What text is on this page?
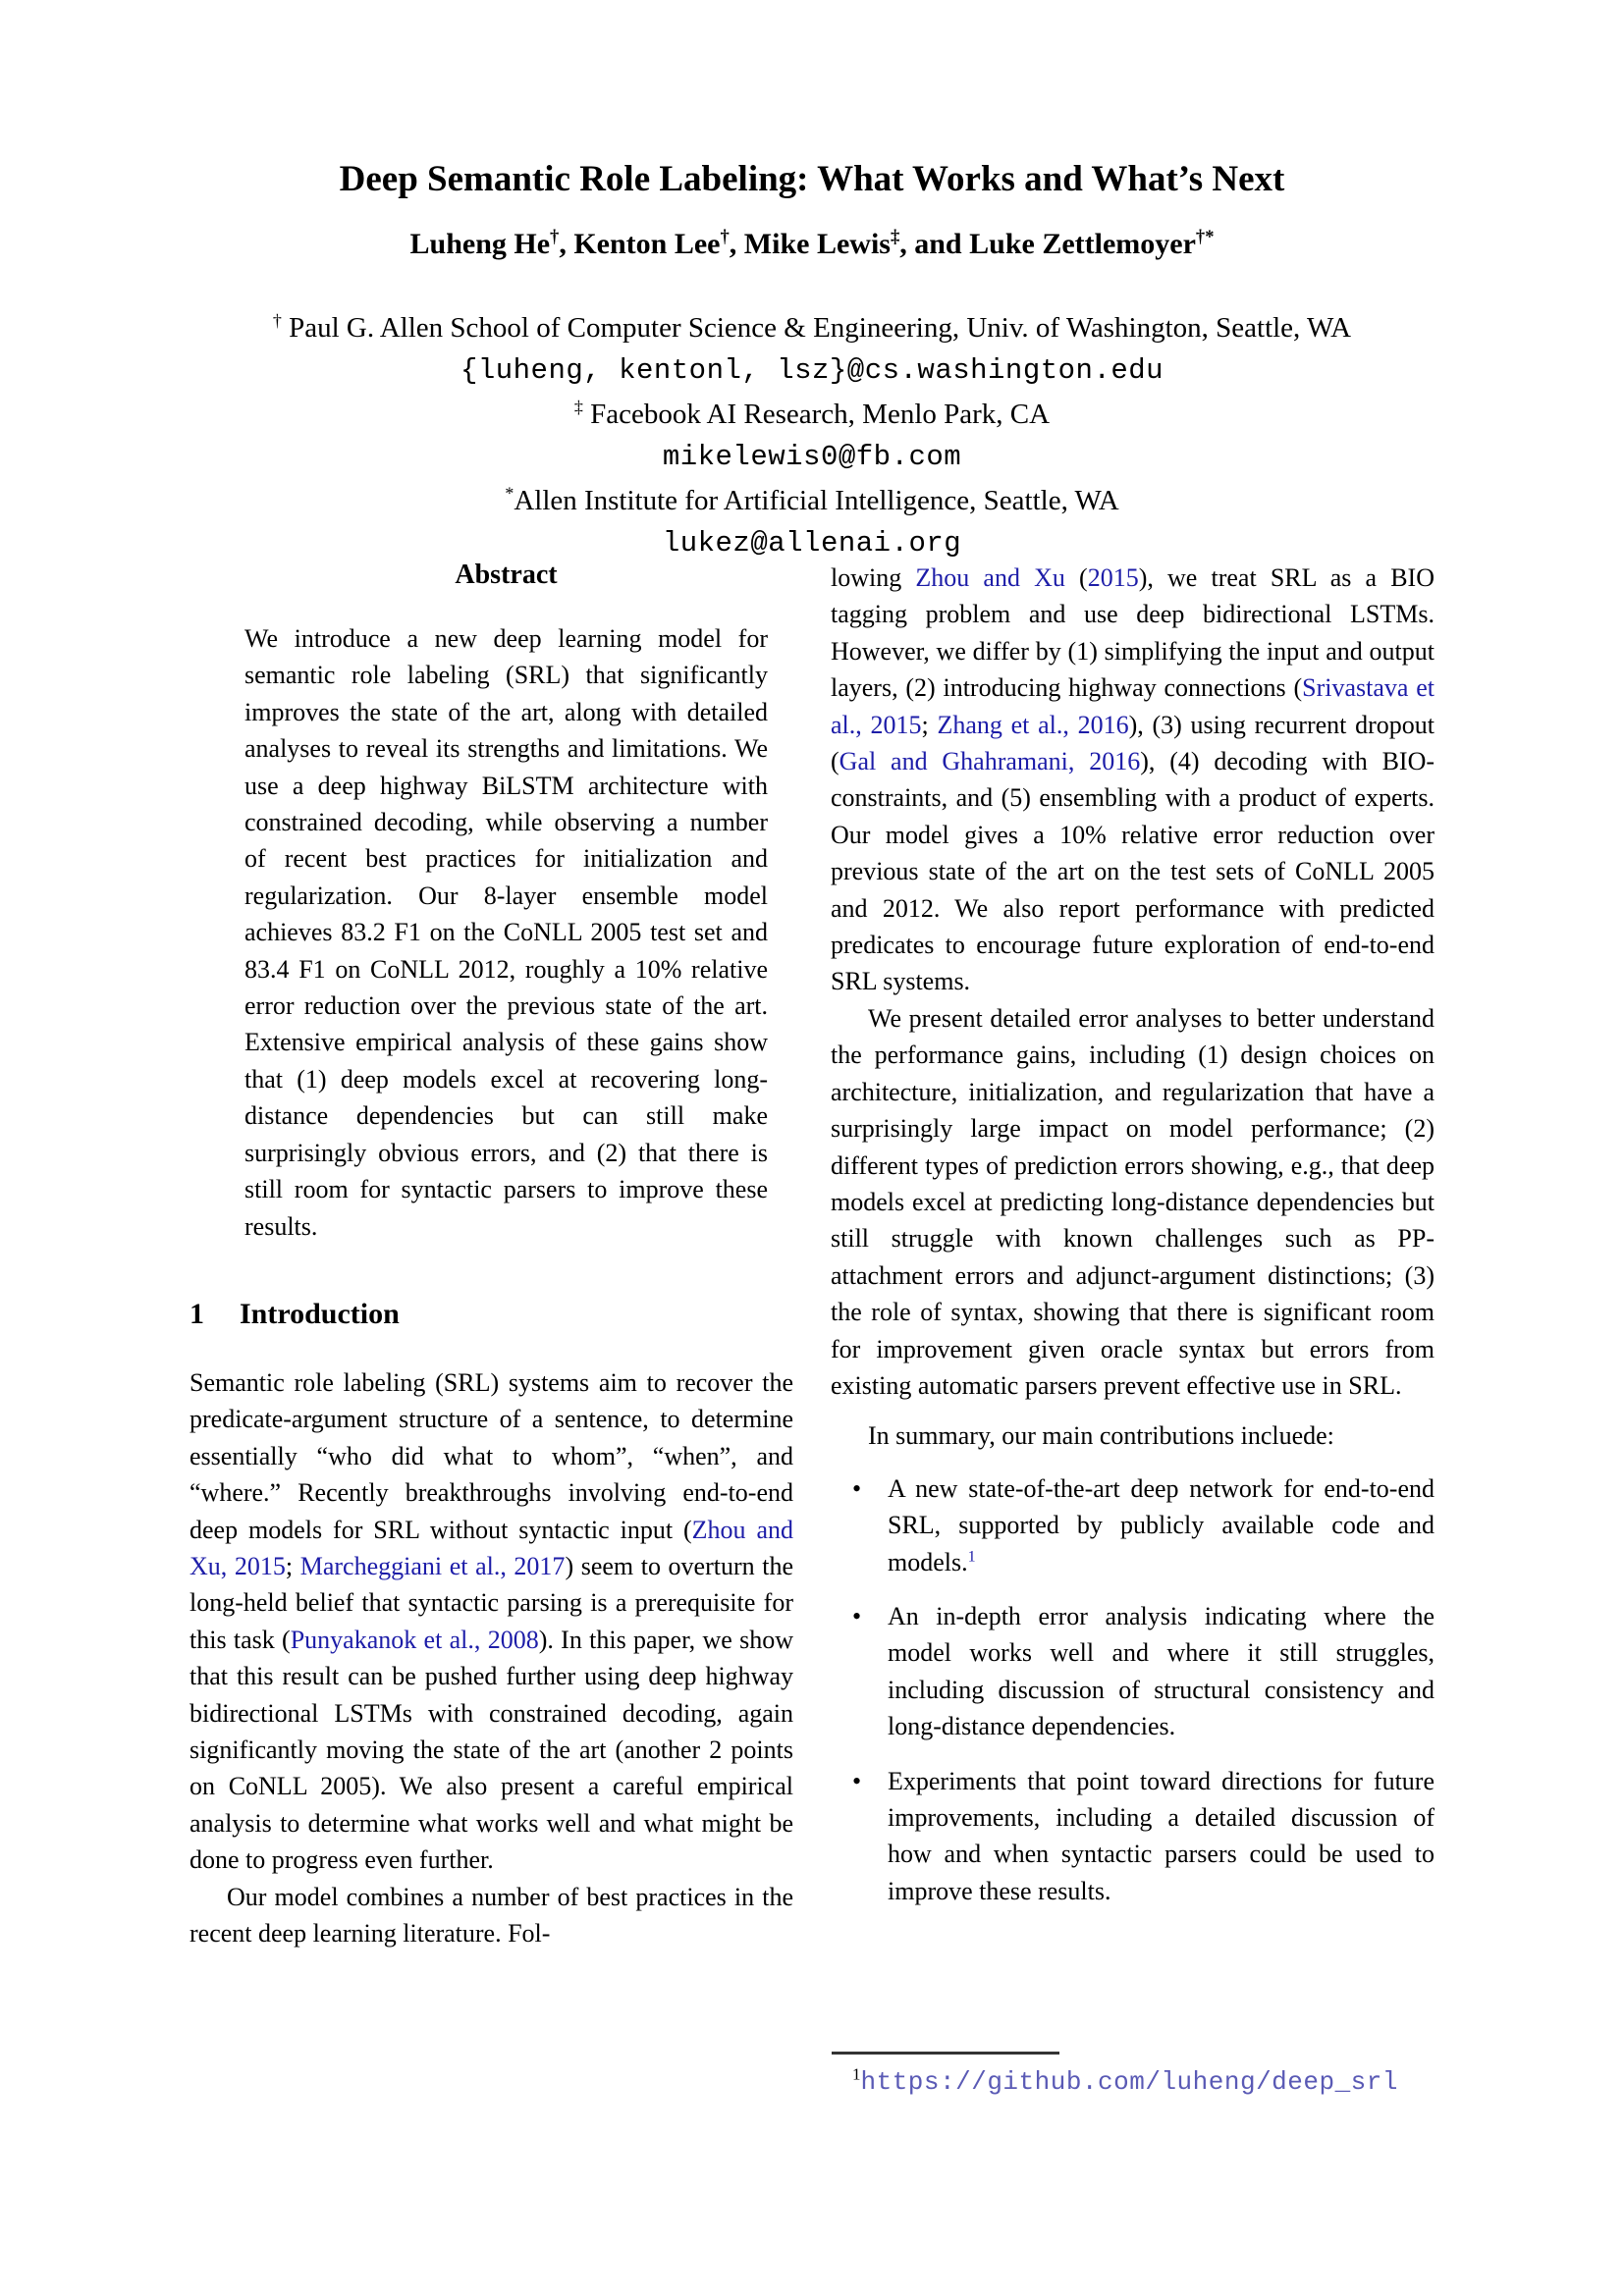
Deep Semantic Role Labeling: What Works and What’s Next
Luheng He†, Kenton Lee†, Mike Lewis‡, and Luke Zettlemoyer†*
† Paul G. Allen School of Computer Science & Engineering, Univ. of Washington, Seattle, WA
{luheng, kentonl, lsz}@cs.washington.edu
‡ Facebook AI Research, Menlo Park, CA
mikelewis0@fb.com
*Allen Institute for Artificial Intelligence, Seattle, WA
lukez@allenai.org
Abstract

We introduce a new deep learning model for semantic role labeling (SRL) that significantly improves the state of the art, along with detailed analyses to reveal its strengths and limitations. We use a deep highway BiLSTM architecture with constrained decoding, while observing a number of recent best practices for initialization and regularization. Our 8-layer ensemble model achieves 83.2 F1 on the CoNLL 2005 test set and 83.4 F1 on CoNLL 2012, roughly a 10% relative error reduction over the previous state of the art. Extensive empirical analysis of these gains show that (1) deep models excel at recovering long-distance dependencies but can still make surprisingly obvious errors, and (2) that there is still room for syntactic parsers to improve these results.

1 Introduction

Semantic role labeling (SRL) systems aim to recover the predicate-argument structure of a sentence, to determine essentially “who did what to whom”, “when”, and “where.” Recently breakthroughs involving end-to-end deep models for SRL without syntactic input (Zhou and Xu, 2015; Marcheggiani et al., 2017) seem to overturn the long-held belief that syntactic parsing is a prerequisite for this task (Punyakanok et al., 2008). In this paper, we show that this result can be pushed further using deep highway bidirectional LSTMs with constrained decoding, again significantly moving the state of the art (another 2 points on CoNLL 2005). We also present a careful empirical analysis to determine what works well and what might be done to progress even further.

Our model combines a number of best practices in the recent deep learning literature. Fol-

lowing Zhou and Xu (2015), we treat SRL as a BIO tagging problem and use deep bidirectional LSTMs. However, we differ by (1) simplifying the input and output layers, (2) introducing highway connections (Srivastava et al., 2015; Zhang et al., 2016), (3) using recurrent dropout (Gal and Ghahramani, 2016), (4) decoding with BIO-constraints, and (5) ensembling with a product of experts. Our model gives a 10% relative error reduction over previous state of the art on the test sets of CoNLL 2005 and 2012. We also report performance with predicted predicates to encourage future exploration of end-to-end SRL systems.

We present detailed error analyses to better understand the performance gains, including (1) design choices on architecture, initialization, and regularization that have a surprisingly large impact on model performance; (2) different types of prediction errors showing, e.g., that deep models excel at predicting long-distance dependencies but still struggle with known challenges such as PP-attachment errors and adjunct-argument distinctions; (3) the role of syntax, showing that there is significant room for improvement given oracle syntax but errors from existing automatic parsers prevent effective use in SRL.

In summary, our main contributions incluede:

• A new state-of-the-art deep network for end-to-end SRL, supported by publicly available code and models.$^1$
• An in-depth error analysis indicating where the model works well and where it still struggles, including discussion of structural consistency and long-distance dependencies.
• Experiments that point toward directions for future improvements, including a detailed discussion of how and when syntactic parsers could be used to improve these results.
$^1$https://github.com/luheng/deep_srl
